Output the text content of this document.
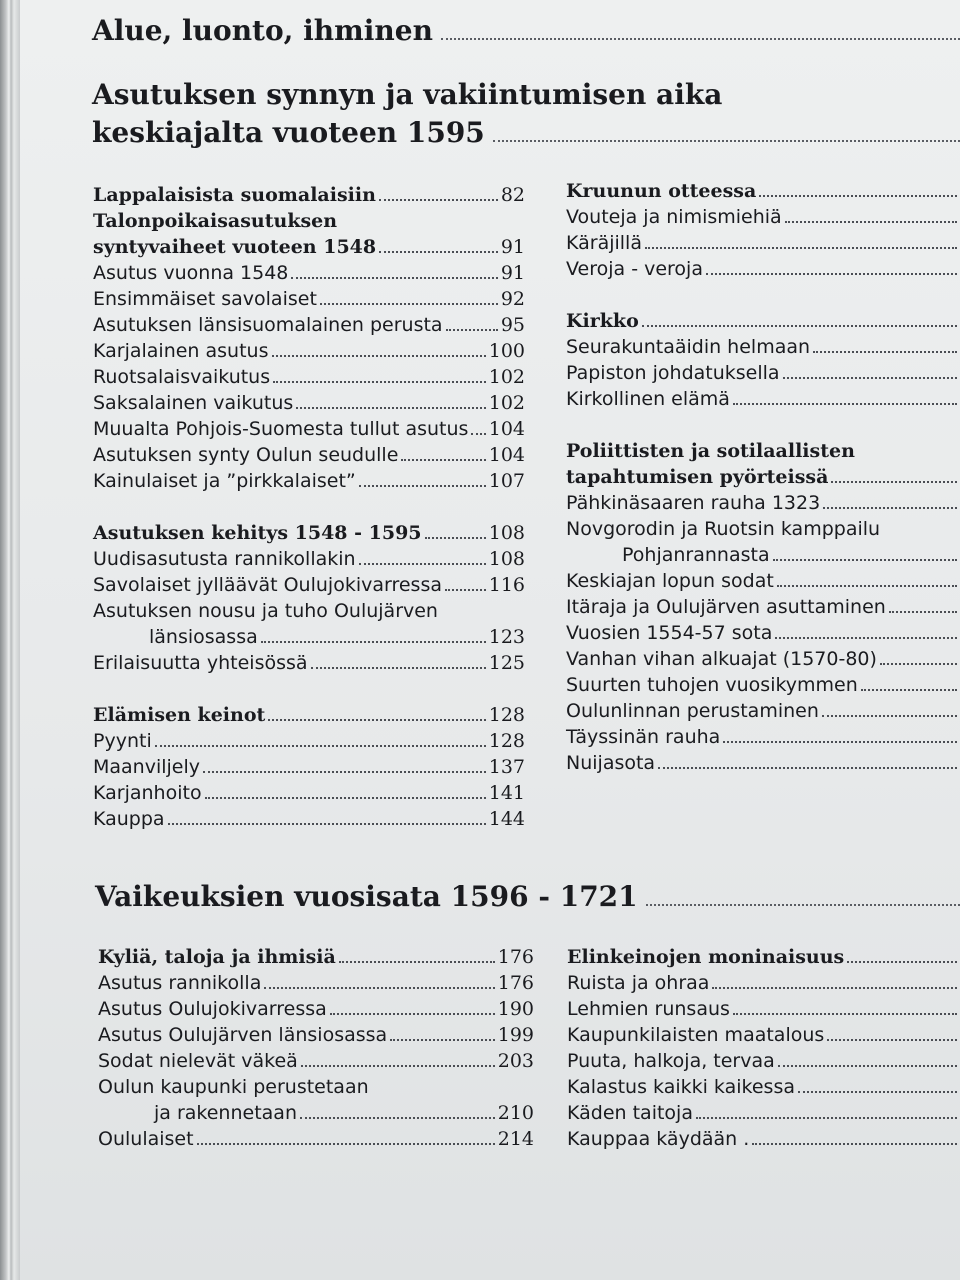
Alue, luonto, ihminen
Asutuksen synnyn ja vakiintumisen aika
keskiajalta vuoteen 1595
Lappalaisista suomalaisiin	82
Talonpoikaisasutuksen
syntyvaiheet vuoteen 1548	91
Asutus vuonna 1548	91
Ensimmäiset savolaiset	92
Asutuksen länsisuomalainen perusta	95
Karjalainen asutus	100
Ruotsalaisvaikutus	102
Saksalainen vaikutus	102
Muualta Pohjois-Suomesta tullut asutus 104
Asutuksen synty Oulun seudulle	104
Kainulaiset ja ”pirkkalaiset”	107
Asutuksen kehitys 1548 - 1595	108
Uudisasutusta rannikollakin	108
Savolaiset jylläävät Oulujokivarressa 116
Asutuksen nousu ja tuho Oulujärven
länsiosassa	123
Erilaisuutta yhteisössä	125
Elämisen keinot	128
Pyynti	128
Maanviljely	137
Karjanhoito	141
Kauppa	144
Kruunun otteessa
Vouteja ja nimismiehiä
Käräjillä
Veroja - veroja
Kirkko
Seurakuntaäidin helmaan
Papiston johdatuksella
Kirkollinen elämä
Poliittisten ja sotilaallisten
tapahtumisen pyörteissä
Pähkinäsaaren rauha 1323
Novgorodin ja Ruotsin kamppailu
Pohjanrannasta
Keskiajan lopun sodat
Itäraja ja Oulujärven asuttaminen
Vuosien 1554-57 sota
Vanhan vihan alkuajat (1570-80)
Suurten tuhojen vuosikymmen
Oulunlinnan perustaminen
Täyssinän rauha
Nuijasota
Vaikeuksien vuosisata 1596 - 1721
Kyliä, taloja ja ihmisiä	176
Asutus rannikolla	176
Asutus Oulujokivarressa	190
Asutus Oulujärven länsiosassa	199
Sodat nielevät väkeä	203
Oulun kaupunki perustetaan
ja rakennetaan	210
Oululaiset	214
Elinkeinojen moninaisuus
Ruista ja ohraa
Lehmien runsaus
Kaupunkilaisten maatalous
Puuta, halkoja, tervaa
Kalastus kaikki kaikessa
Käden taitoja
Kauppaa käydään .
